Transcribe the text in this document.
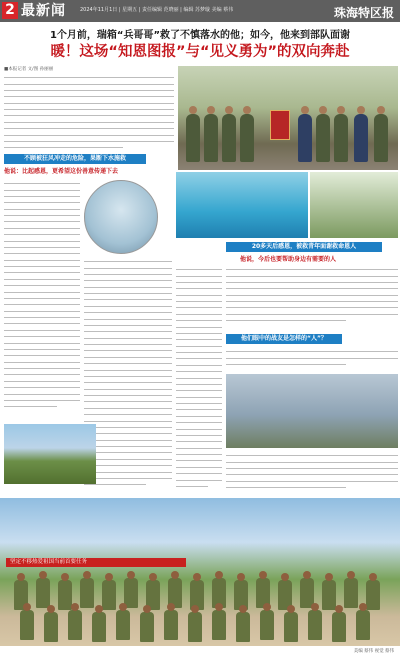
2 最新闻	2024年11月1日 | 星期五 | 责任编辑 范晓丽 | 编辑 苏梦璇 美编 蔡伟	珠海特区报
1个月前，瑞箱“兵哥哥”救了不慎落水的他；如今，他来到部队面谢
暖！这场“知恩图报”与“见义勇为”的双向奔赴
■本报记者 文/图 孙丽丽
不顾被狂风冲走的危险，果断下水施救
他说：比起感恩，更希望这份善意传递下去
20多天后感恩，被救青年面谢救命恩人
他说，今后也要帮助身边有需要的人
他们眼中的战友是怎样的“人”？
坚定不移热爱祖国当前首要任务
美编 蔡伟 视觉 蔡伟
